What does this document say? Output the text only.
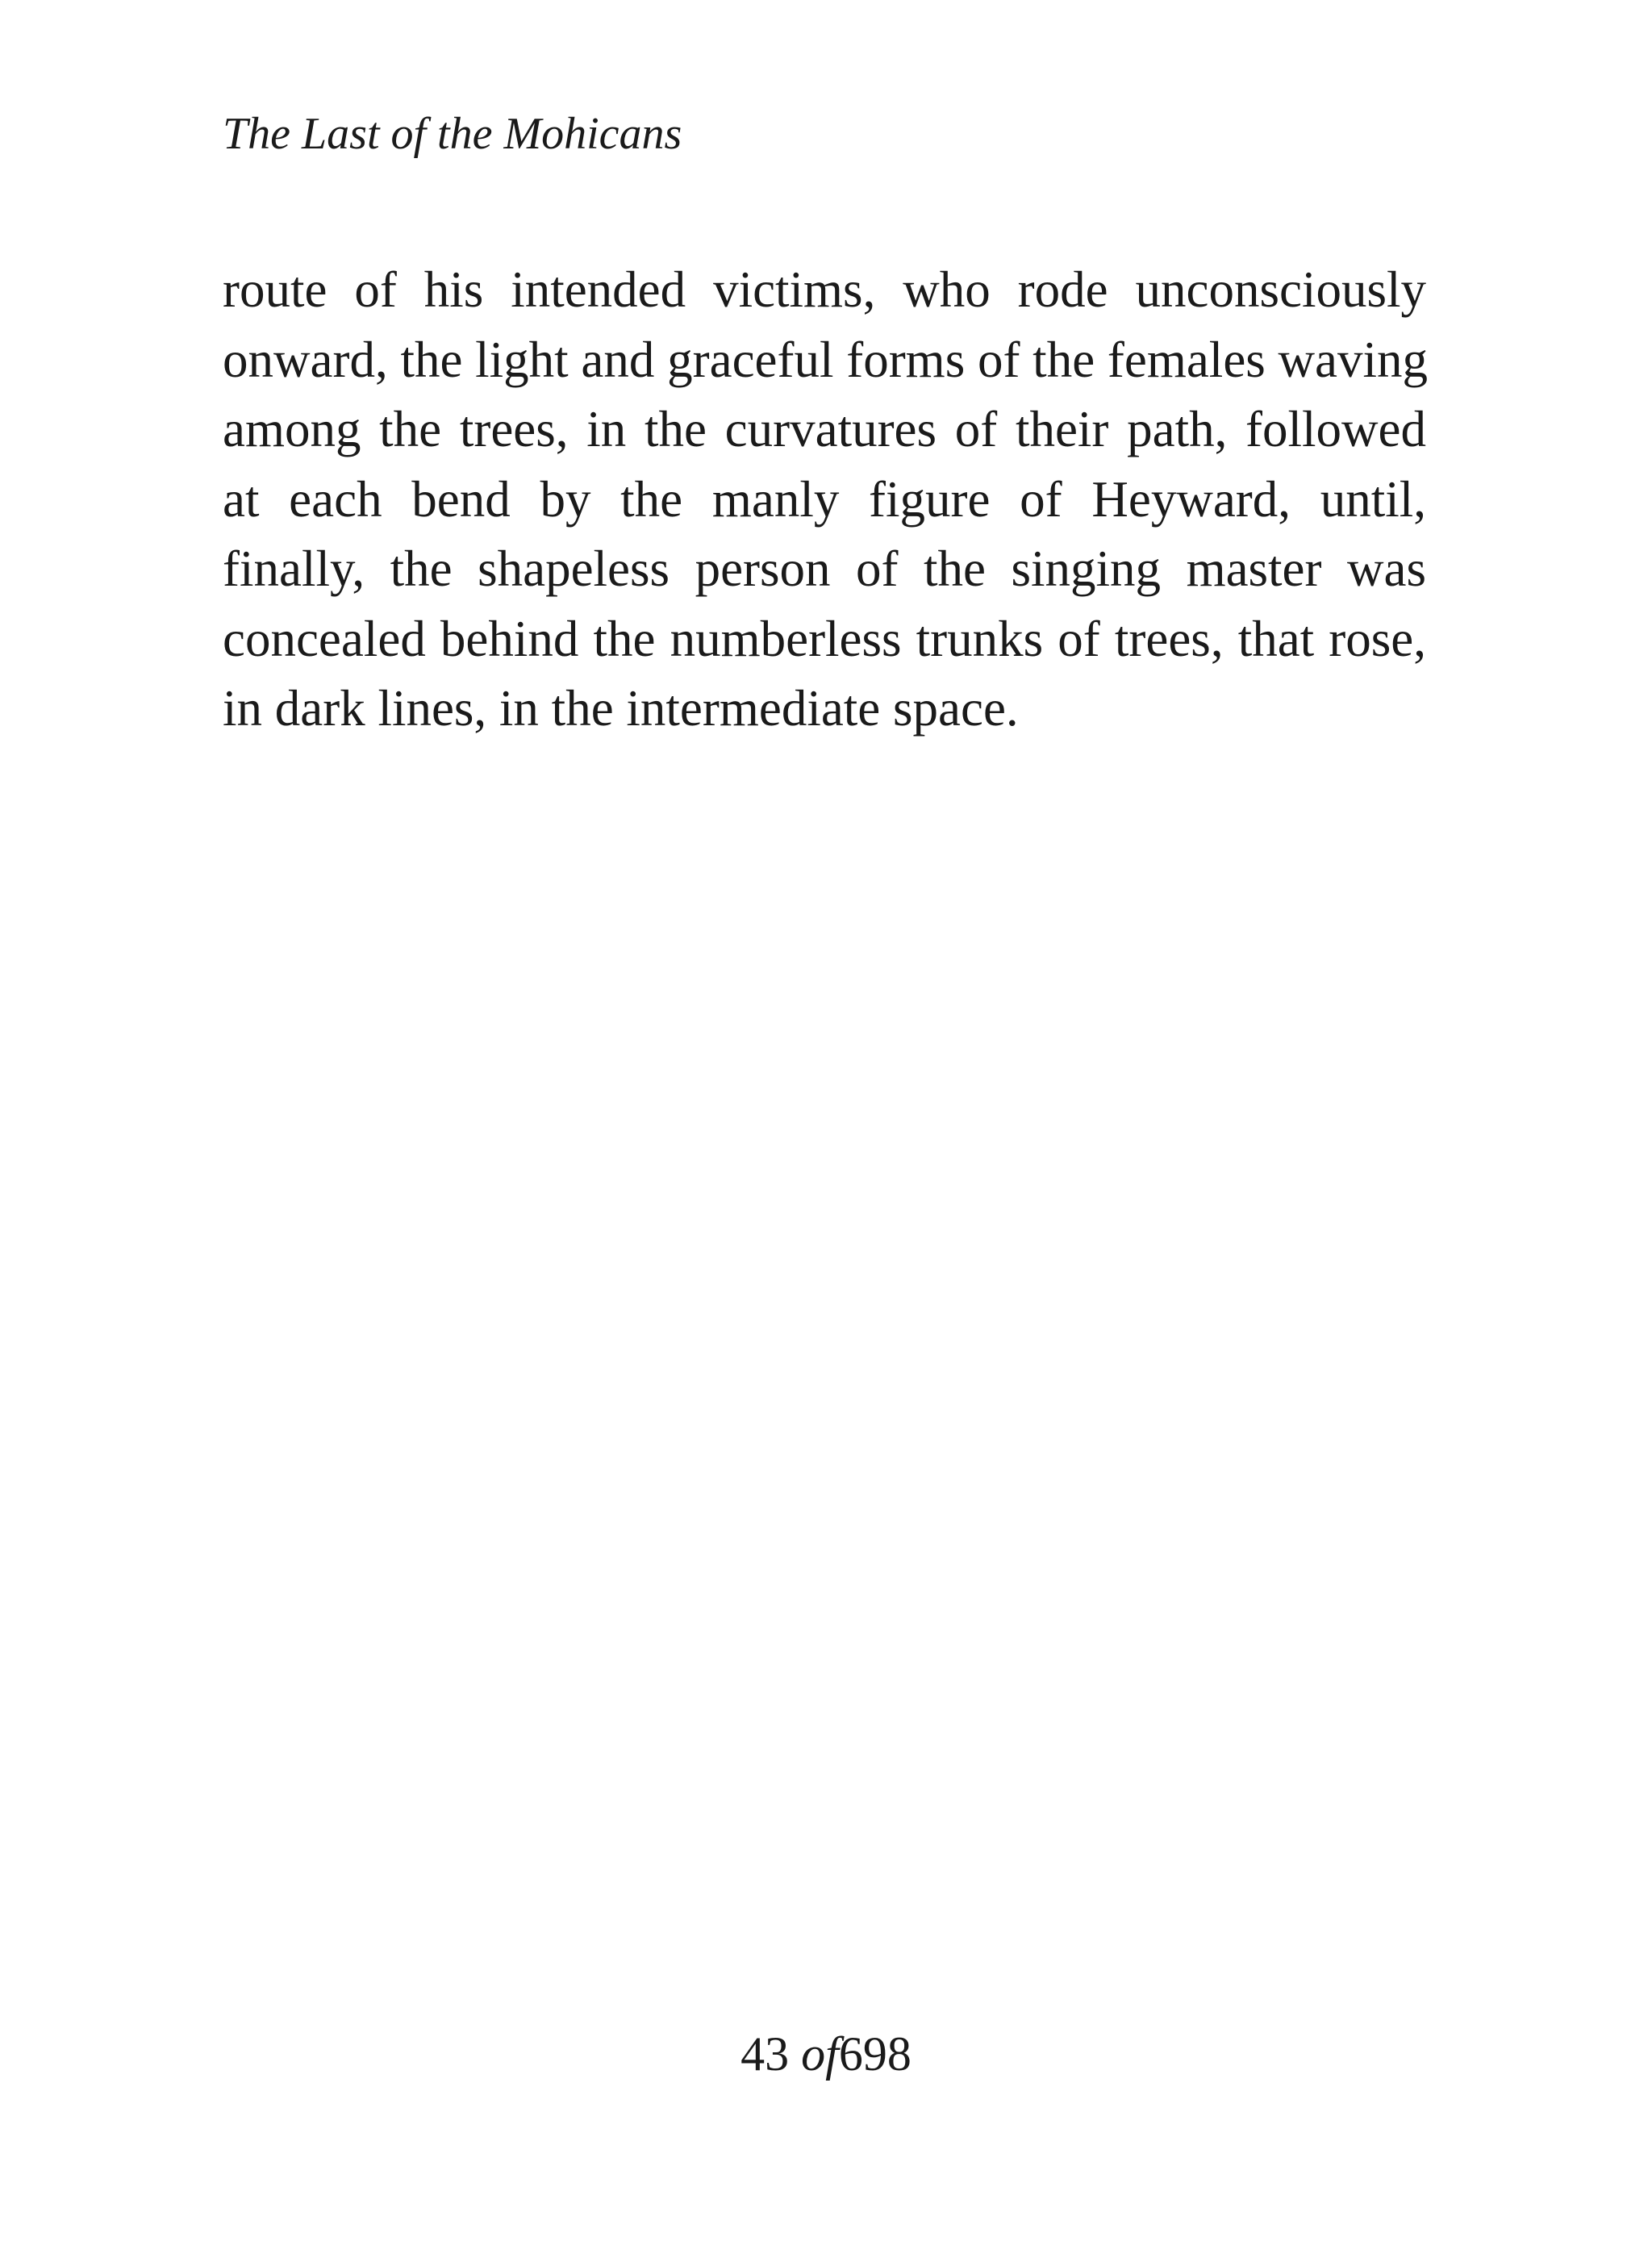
The Last of the Mohicans

route of his intended victims, who rode unconsciously
onward, the light and graceful forms of the females waving
among the trees, in the curvatures of their path, followed
at each bend by the manly figure of Heyward, until,
finally, the shapeless person of the singing master was
concealed behind the numberless trunks of trees, that rose,
in dark lines, in the intermediate space.

43 of698
